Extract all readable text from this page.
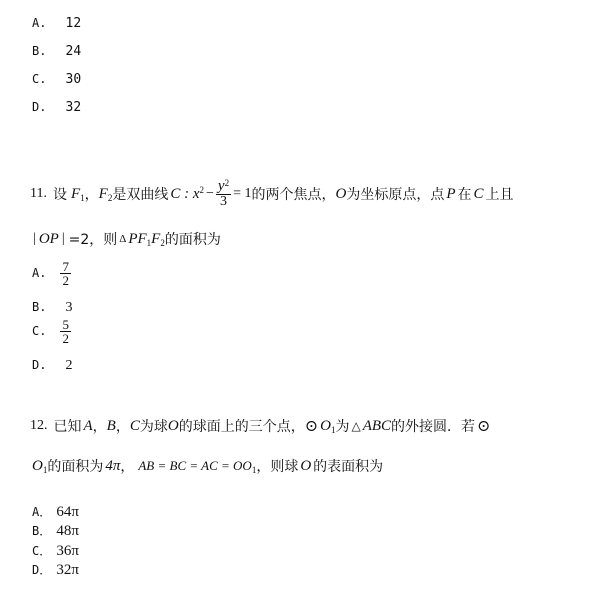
A. 12
B. 24
C. 30
D. 32
11. 设 F 1 ， F 2 是双曲线 C : x $2 - \frac{y^2}{3} = 1$ 的两个焦点， O 为坐标原点，点 P 在 C 上且
| OP | =2，则 Δ PF 1 F 2 的面积为
A. $\frac{7}{2}$
B. 3
C. $\frac{5}{2}$
D. 2
12. 已知 A ， B ， C 为球 O 的球面上的三个点， ⊙ O 1 为 △ ABC 的外接圆．若 ⊙
O 1 的面积为 4π ， AB = BC = AC = OO 1 ，则球 O 的表面积为
A． 64π
B． 48π
C． 36π
D． 32π
